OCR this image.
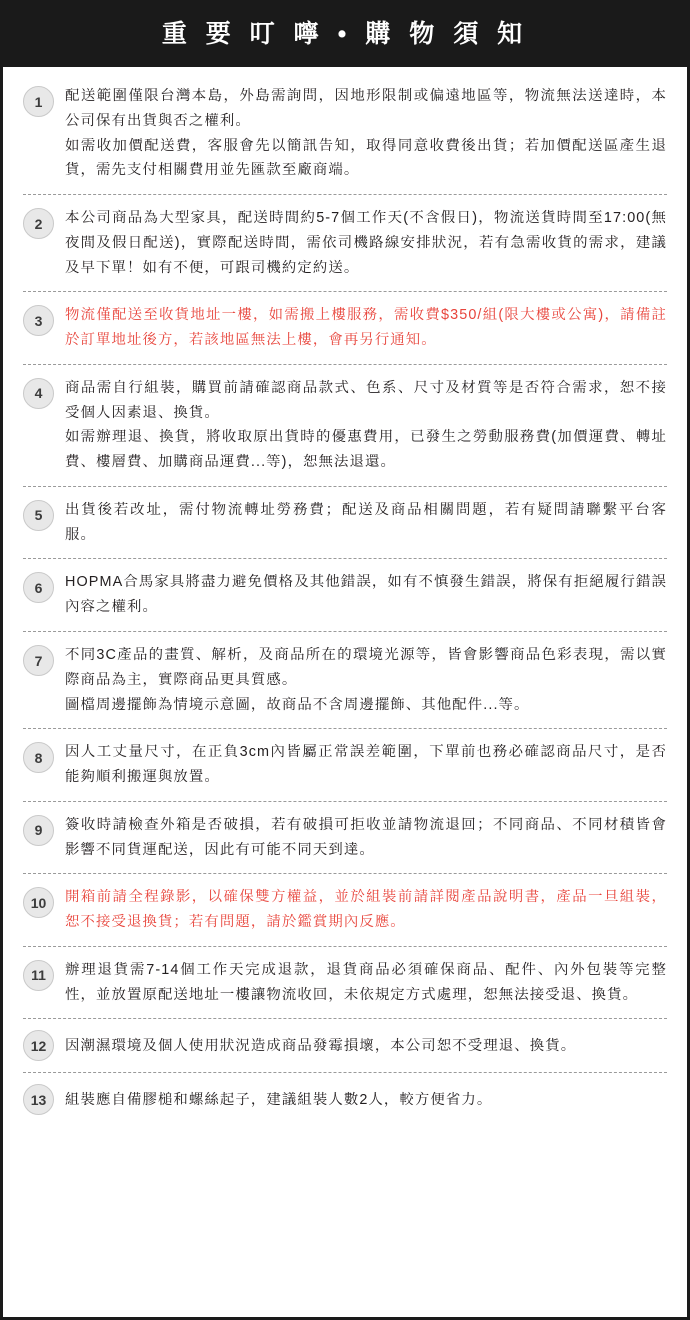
重 要 叮 嚀 • 購 物 須 知
1	配送範圍僅限台灣本島，外島需詢問，因地形限制或偏遠地區等，物流無法送達時，本公司保有出貨與否之權利。

如需收加價配送費，客服會先以簡訊告知，取得同意收費後出貨；若加價配送區產生退貨，需先支付相關費用並先匯款至廠商端。

2	本公司商品為大型家具，配送時間約5-7個工作天(不含假日)，物流送貨時間至17:00(無夜間及假日配送)，實際配送時間，需依司機路線安排狀況，若有急需收貨的需求，建議及早下單！如有不便，可跟司機約定約送。

3	物流僅配送至收貨地址一樓，如需搬上樓服務，需收費$350/組(限大樓或公寓)，請備註於訂單地址後方，若該地區無法上樓，會再另行通知。

4	商品需自行組裝，購買前請確認商品款式、色系、尺寸及材質等是否符合需求，恕不接受個人因素退、換貨。

如需辦理退、換貨，將收取原出貨時的優惠費用，已發生之勞動服務費(加價運費、轉址費、樓層費、加購商品運費...等)，恕無法退還。

5	出貨後若改址，需付物流轉址勞務費；配送及商品相關問題，若有疑問請聯繫平台客服。

6	HOPMA合馬家具將盡力避免價格及其他錯誤，如有不慎發生錯誤，將保有拒絕履行錯誤內容之權利。

7	不同3C產品的畫質、解析，及商品所在的環境光源等，皆會影響商品色彩表現，需以實際商品為主，實際商品更具質感。

圖檔周邊擺飾為情境示意圖，故商品不含周邊擺飾、其他配件...等。

8	因人工丈量尺寸，在正負3cm內皆屬正常誤差範圍，下單前也務必確認商品尺寸，是否能夠順利搬運與放置。

9	簽收時請檢查外箱是否破損，若有破損可拒收並請物流退回；不同商品、不同材積皆會影響不同貨運配送，因此有可能不同天到達。

10	開箱前請全程錄影，以確保雙方權益，並於組裝前請詳閱產品說明書，產品一旦組裝，恕不接受退換貨；若有問題，請於鑑賞期內反應。

11	辦理退貨需7-14個工作天完成退款，退貨商品必須確保商品、配件、內外包裝等完整性，並放置原配送地址一樓讓物流收回，未依規定方式處理，恕無法接受退、換貨。

12	因潮濕環境及個人使用狀況造成商品發霉損壞，本公司恕不受理退、換貨。

13	組裝應自備膠槌和螺絲起子，建議組裝人數2人，較方便省力。
